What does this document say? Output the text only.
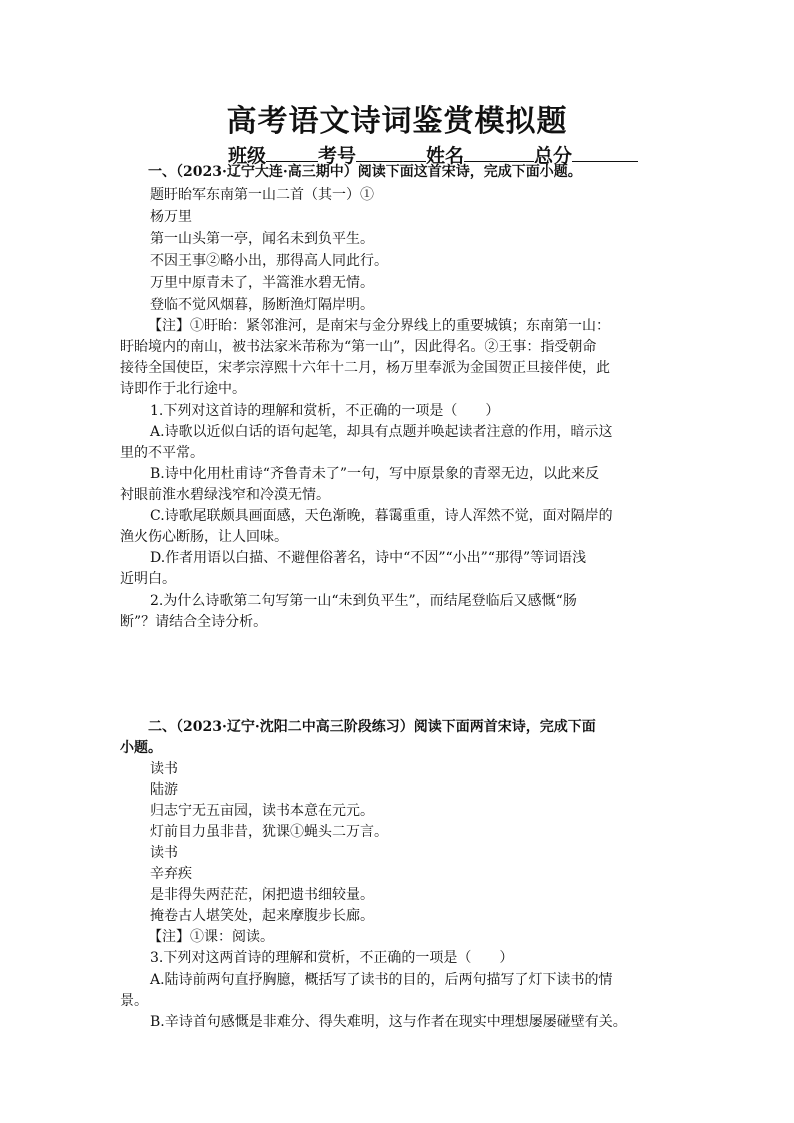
高考语文诗词鉴赏模拟题
班级	考号	姓名	总分
一、（2023·辽宁大连·高三期中）阅读下面这首宋诗，完成下面小题。
题盱眙军东南第一山二首（其一）①
杨万里
第一山头第一亭，闻名未到负平生。
不因王事②略小出，那得高人同此行。
万里中原青未了，半篙淮水碧无情。
登临不觉风烟暮，肠断渔灯隔岸明。
【注】①盱眙：紧邻淮河，是南宋与金分界线上的重要城镇；东南第一山：
盱眙境内的南山，被书法家米芾称为“第一山”，因此得名。②王事：指受朝命
接待全国使臣，宋孝宗淳熙十六年十二月，杨万里奉派为金国贺正旦接伴使，此
诗即作于北行途中。
1.下列对这首诗的理解和赏析，不正确的一项是（　　）
A.诗歌以近似白话的语句起笔，却具有点题并唤起读者注意的作用，暗示这
里的不平常。
B.诗中化用杜甫诗“齐鲁青未了”一句，写中原景象的青翠无边，以此来反
衬眼前淮水碧绿浅窄和冷漠无情。
C.诗歌尾联颇具画面感，天色渐晚，暮霭重重，诗人浑然不觉，面对隔岸的
渔火伤心断肠，让人回味。
D.作者用语以白描、不避俚俗著名，诗中“不因”“小出”“那得”等词语浅
近明白。
2.为什么诗歌第二句写第一山“未到负平生”，而结尾登临后又感慨“肠
断”？请结合全诗分析。
二、（2023·辽宁·沈阳二中高三阶段练习）阅读下面两首宋诗，完成下面
小题。
读书
陆游
归志宁无五亩园，读书本意在元元。
灯前目力虽非昔，犹课①蝇头二万言。
读书
辛弃疾
是非得失两茫茫，闲把遗书细较量。
掩卷古人堪笑处，起来摩腹步长廊。
【注】①课：阅读。
3.下列对这两首诗的理解和赏析，不正确的一项是（　　）
A.陆诗前两句直抒胸臆，概括写了读书的目的，后两句描写了灯下读书的情
景。
B.辛诗首句感慨是非难分、得失难明，这与作者在现实中理想屡屡碰壁有关。
